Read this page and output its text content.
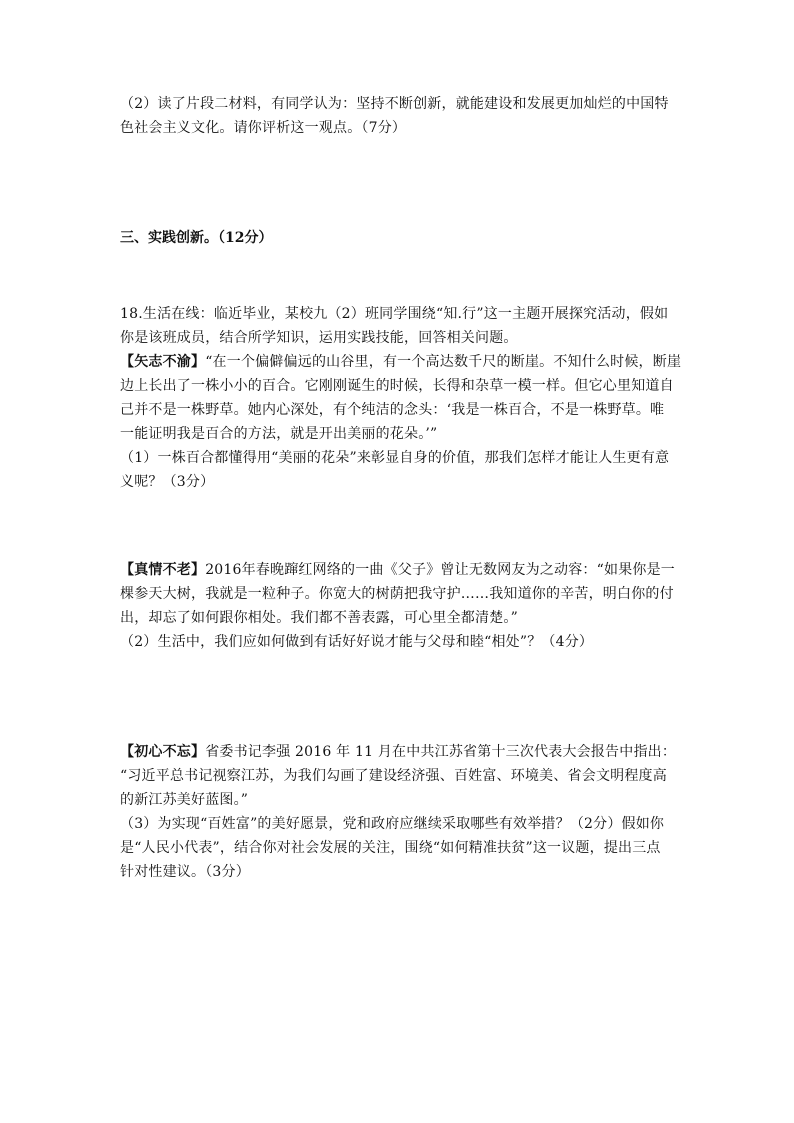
（2）读了片段二材料，有同学认为：坚持不断创新，就能建设和发展更加灿烂的中国特
色社会主义文化。请你评析这一观点。（7分）
三、实践创新。（12分）
18.生活在线：临近毕业，某校九（2）班同学围绕“知.行”这一主题开展探究活动，假如
你是该班成员，结合所学知识，运用实践技能，回答相关问题。
【矢志不渝】“在一个偏僻偏远的山谷里，有一个高达数千尺的断崖。不知什么时候，断崖
边上长出了一株小小的百合。它刚刚诞生的时候，长得和杂草一模一样。但它心里知道自
己并不是一株野草。她内心深处，有个纯洁的念头：‘我是一株百合，不是一株野草。唯
一能证明我是百合的方法，就是开出美丽的花朵。’”
（1）一株百合都懂得用“美丽的花朵”来彰显自身的价值，那我们怎样才能让人生更有意
义呢？（3分）
【真情不老】2016年春晚蹿红网络的一曲《父子》曾让无数网友为之动容：“如果你是一
棵参天大树，我就是一粒种子。你宽大的树荫把我守护……我知道你的辛苦，明白你的付
出，却忘了如何跟你相处。我们都不善表露，可心里全都清楚。”
（2）生活中，我们应如何做到有话好好说才能与父母和睦“相处”？（4分）
【初心不忘】省委书记李强 2016 年 11 月在中共江苏省第十三次代表大会报告中指出：
“习近平总书记视察江苏，为我们勾画了建设经济强、百姓富、环境美、省会文明程度高
的新江苏美好蓝图。”
（3）为实现“百姓富”的美好愿景，党和政府应继续采取哪些有效举措？（2分）假如你
是“人民小代表”，结合你对社会发展的关注，围绕“如何精准扶贫”这一议题，提出三点
针对性建议。（3分）
